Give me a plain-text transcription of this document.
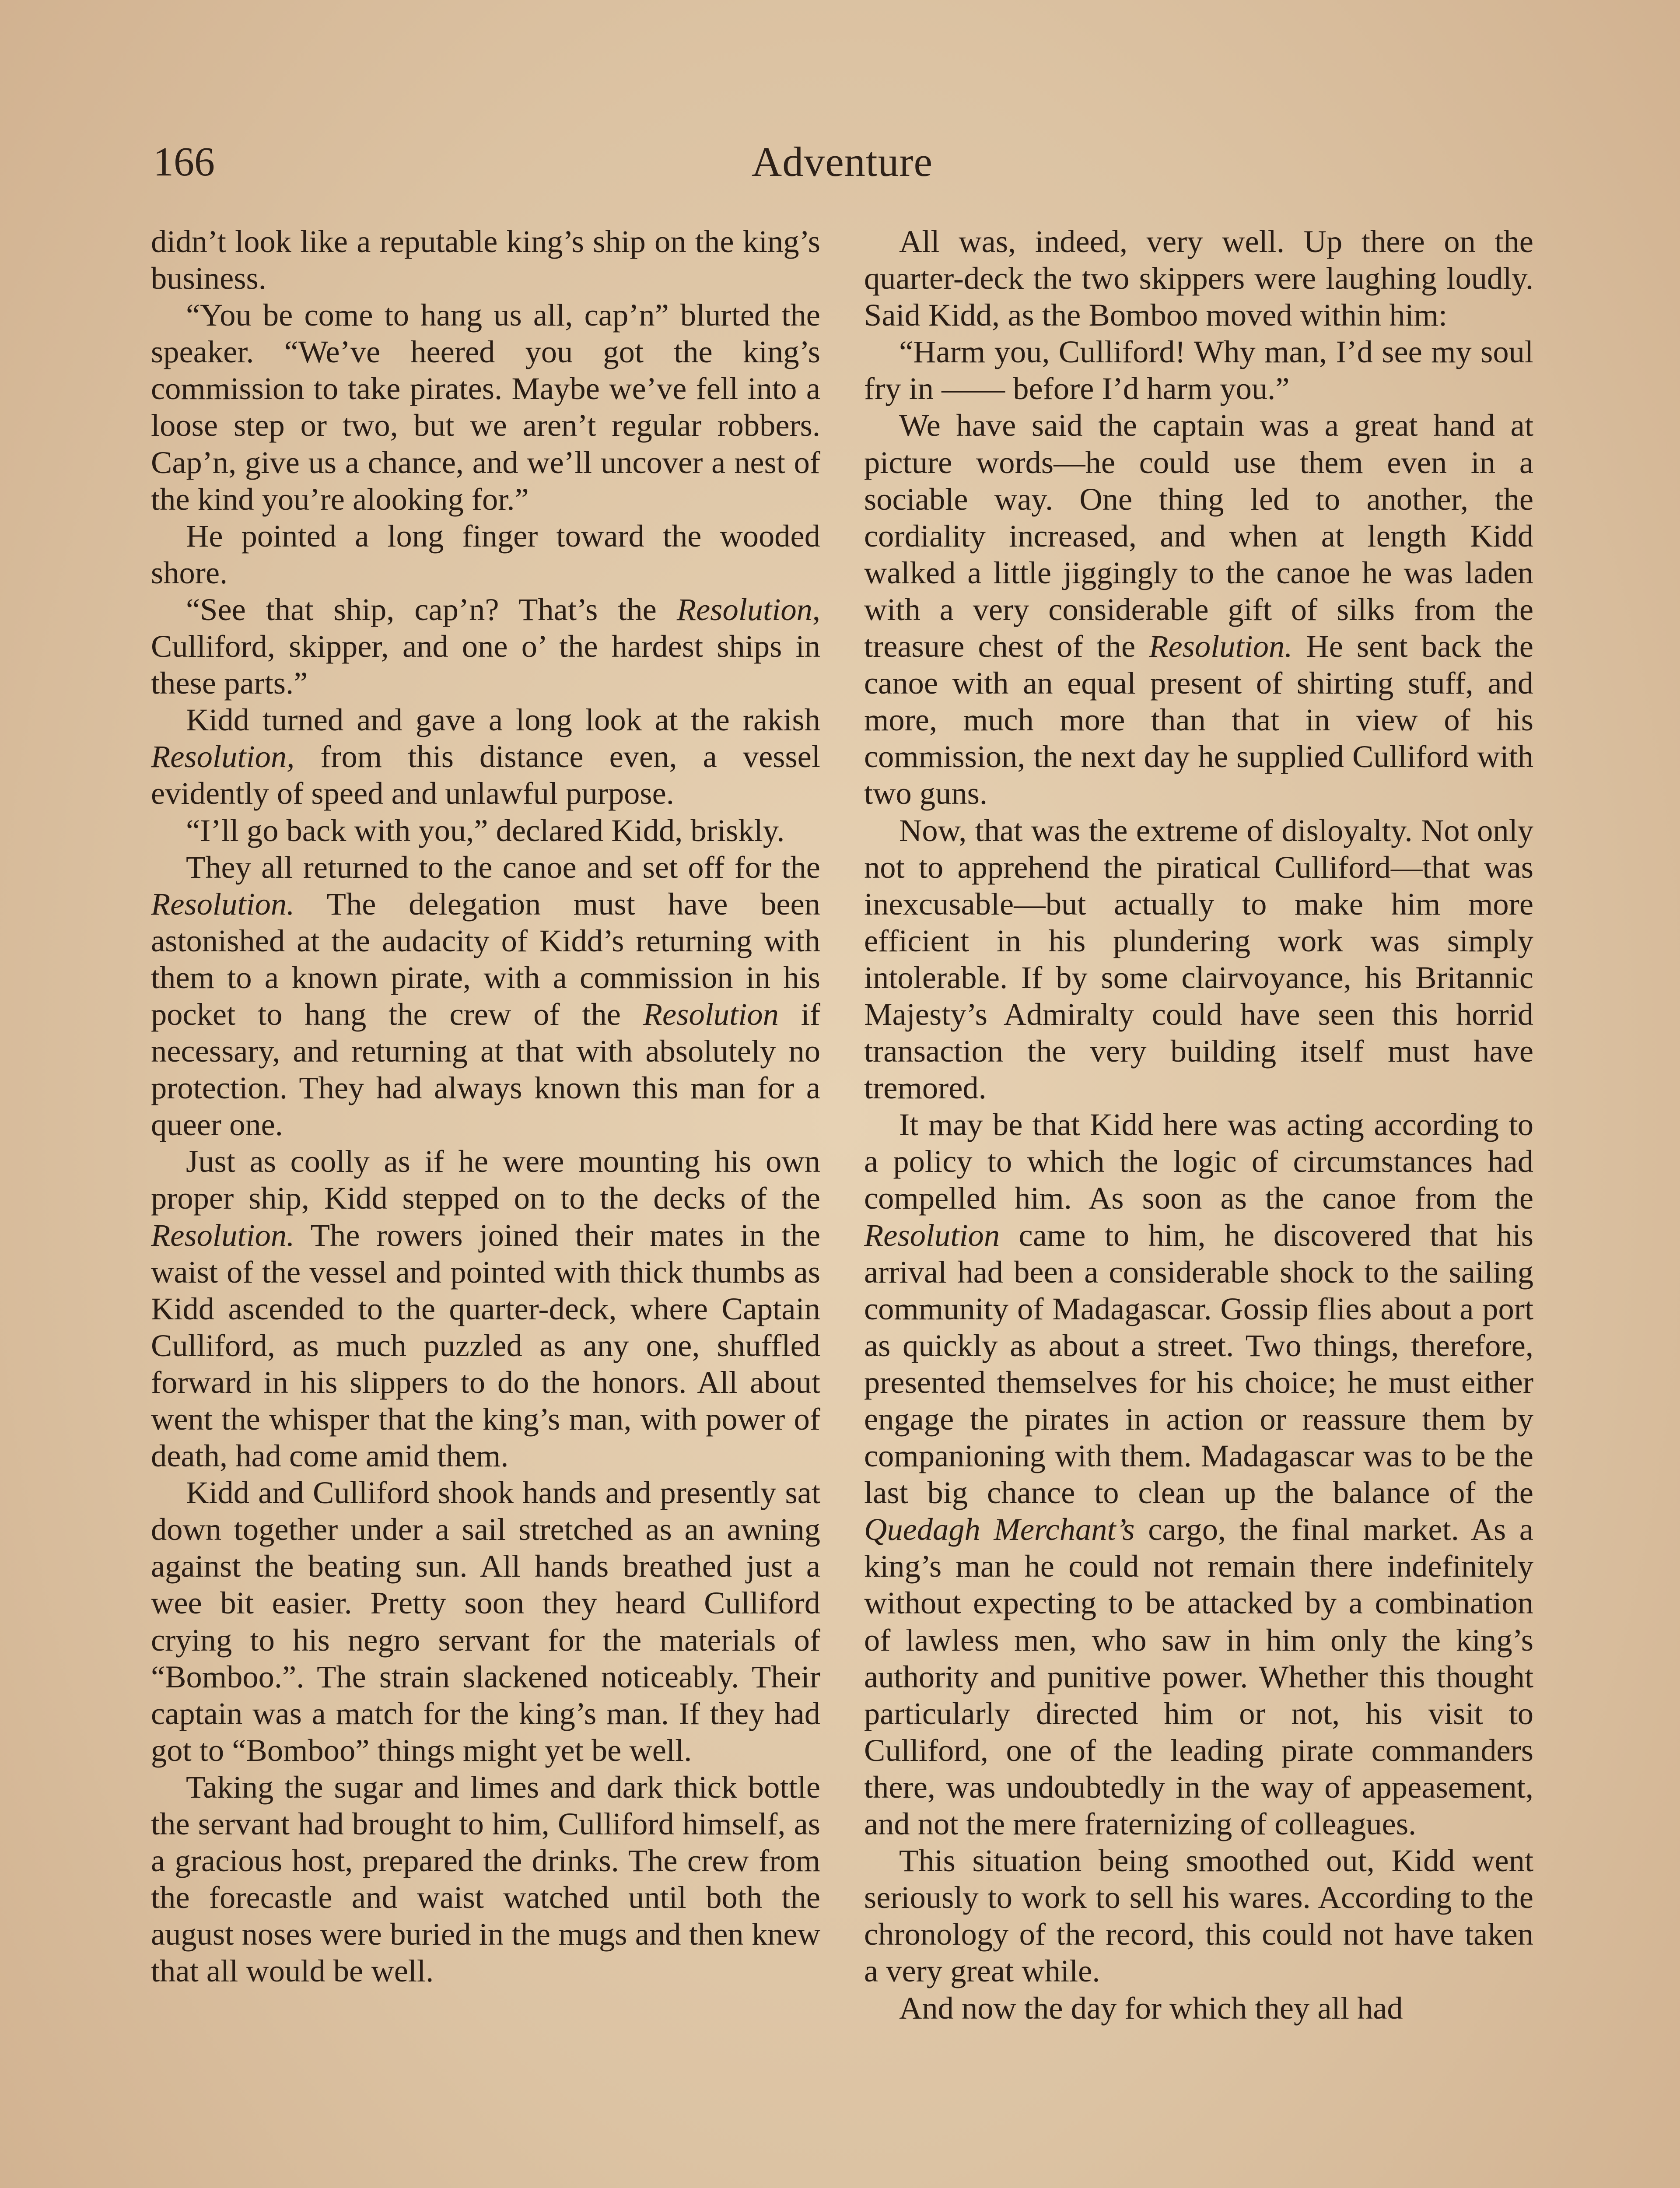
166	Adventure

didn’t look like a reputable king’s ship on the king’s business.

“You be come to hang us all, cap’n” blurted the speaker. “We’ve heered you got the king’s commission to take pirates. Maybe we’ve fell into a loose step or two, but we aren’t regular robbers. Cap’n, give us a chance, and we’ll uncover a nest of the kind you’re alooking for.”

He pointed a long finger toward the wooded shore.

“See that ship, cap’n? That’s the Resolution, Culliford, skipper, and one o’ the hardest ships in these parts.”

Kidd turned and gave a long look at the rakish Resolution, from this distance even, a vessel evidently of speed and unlawful purpose.

“I’ll go back with you,” declared Kidd, briskly.

They all returned to the canoe and set off for the Resolution. The delegation must have been astonished at the audacity of Kidd’s returning with them to a known pirate, with a commission in his pocket to hang the crew of the Resolution if necessary, and returning at that with absolutely no protection. They had always known this man for a queer one.

Just as coolly as if he were mounting his own proper ship, Kidd stepped on to the decks of the Resolution. The rowers joined their mates in the waist of the vessel and pointed with thick thumbs as Kidd ascended to the quarter-deck, where Captain Culliford, as much puzzled as any one, shuffled forward in his slippers to do the honors. All about went the whisper that the king’s man, with power of death, had come amid them.

Kidd and Culliford shook hands and presently sat down together under a sail stretched as an awning against the beating sun. All hands breathed just a wee bit easier. Pretty soon they heard Culliford crying to his negro servant for the materials of “Bomboo.”. The strain slackened noticeably. Their captain was a match for the king’s man. If they had got to “Bomboo” things might yet be well.

Taking the sugar and limes and dark thick bottle the servant had brought to him, Culliford himself, as a gracious host, prepared the drinks. The crew from the forecastle and waist watched until both the august noses were buried in the mugs and then knew that all would be well.

All was, indeed, very well. Up there on the quarter-deck the two skippers were laughing loudly. Said Kidd, as the Bomboo moved within him:

“Harm you, Culliford! Why man, I’d see my soul fry in —— before I’d harm you.”

We have said the captain was a great hand at picture words—he could use them even in a sociable way. One thing led to another, the cordiality increased, and when at length Kidd walked a little jiggingly to the canoe he was laden with a very considerable gift of silks from the treasure chest of the Resolution. He sent back the canoe with an equal present of shirting stuff, and more, much more than that in view of his commission, the next day he supplied Culliford with two guns.

Now, that was the extreme of disloyalty. Not only not to apprehend the piratical Culliford—that was inexcusable—but actually to make him more efficient in his plundering work was simply intolerable. If by some clairvoyance, his Britannic Majesty’s Admiralty could have seen this horrid transaction the very building itself must have tremored.

It may be that Kidd here was acting according to a policy to which the logic of circumstances had compelled him. As soon as the canoe from the Resolution came to him, he discovered that his arrival had been a considerable shock to the sailing community of Madagascar. Gossip flies about a port as quickly as about a street. Two things, therefore, presented themselves for his choice; he must either engage the pirates in action or reassure them by companioning with them. Madagascar was to be the last big chance to clean up the balance of the Quedagh Merchant’s cargo, the final market. As a king’s man he could not remain there indefinitely without expecting to be attacked by a combination of lawless men, who saw in him only the king’s authority and punitive power. Whether this thought particularly directed him or not, his visit to Culliford, one of the leading pirate commanders there, was undoubtedly in the way of appeasement, and not the mere fraternizing of colleagues.

This situation being smoothed out, Kidd went seriously to work to sell his wares. According to the chronology of the record, this could not have taken a very great while.

And now the day for which they all had
